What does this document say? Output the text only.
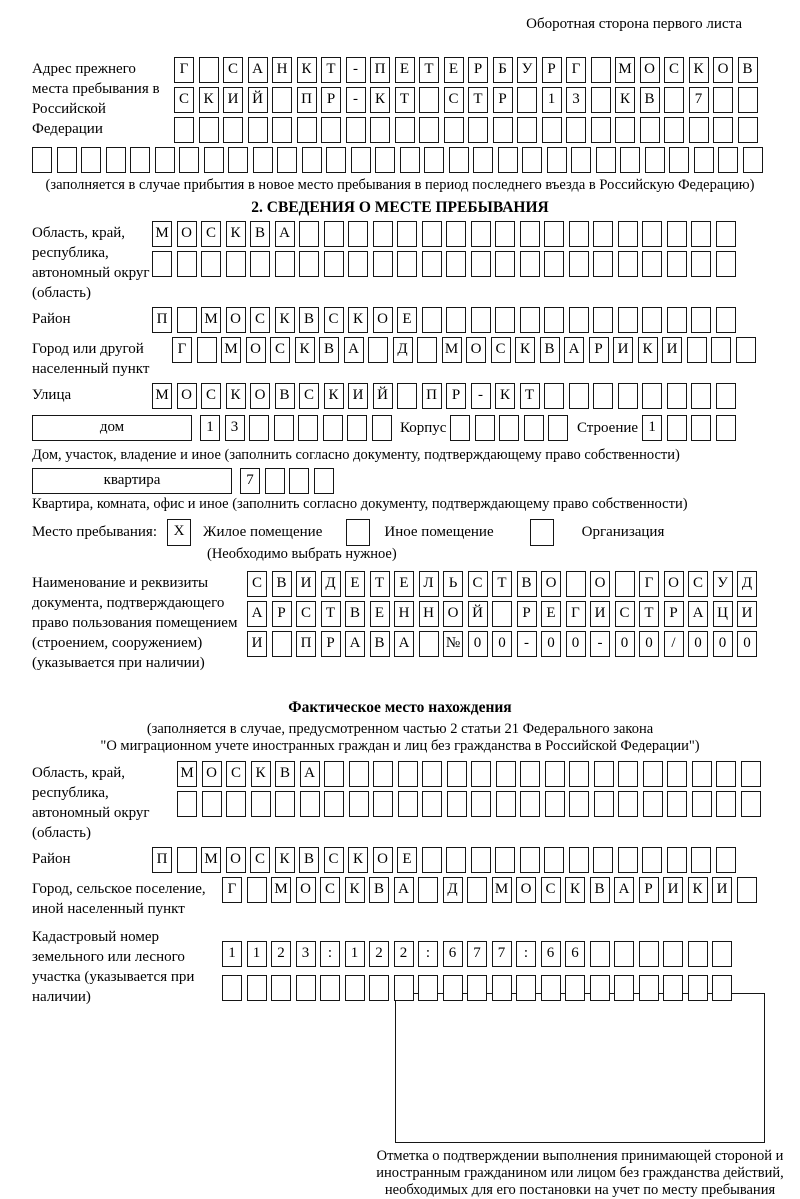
Оборотная сторона первого листа
Адрес прежнего места пребывания в Российской Федерации
Г	С А Н К Т - П Е Т Е Р Б У Р Г	М О С К О В
С К И Й	П Р - К Т	С Т Р	1 3	К В	7
(заполняется в случае прибытия в новое место пребывания в период последнего въезда в Российскую Федерацию)
2. СВЕДЕНИЯ О МЕСТЕ ПРЕБЫВАНИЯ
Область, край, республика, автономный округ (область)
М О С К В А
Район	П М О С К В С К О Е
Город или другой населенный пункт
Г	М О С К В А	Д М О С К В А Р И К И
Улица	М О С К О В С К И Й	П Р - К Т
дом	1 3	Корпус	Строение 1
Дом, участок, владение и иное (заполнить согласно документу, подтверждающему право собственности)
квартира	7
Квартира, комната, офис и иное (заполнить согласно документу, подтверждающему право собственности)
Место пребывания:	X	Жилое помещение	Иное помещение	Организация
(Необходимо выбрать нужное)
Наименование и реквизиты документа, подтверждающего право пользования помещением (строением, сооружением) (указывается при наличии)
С В И Д Е Т Е Л Ь С Т В О	О	Г О С У Д
А Р С Т В Е Н Н О Й	Р Е Г И С Т Р А Ц И
И	П Р А В А № 0 0 - 0 0 - 0 0 / 0 0 0
Фактическое место нахождения
(заполняется в случае, предусмотренном частью 2 статьи 21 Федерального закона
"О миграционном учете иностранных граждан и лиц без гражданства в Российской Федерации")
Область, край, республика, автономный округ (область)
М О С К В А
Район	П М О С К В С К О Е
Город, сельское поселение, иной населенный пункт
Г	М О С К В А	Д М О С К В А Р И К И
Кадастровый номер земельного или лесного участка (указывается при наличии)
1 1 2 3 : 1 2 2 : 6 7 7 : 6 6
Отметка о подтверждении выполнения принимающей стороной и иностранным гражданином или лицом без гражданства действий, необходимых для его постановки на учет по месту пребывания
